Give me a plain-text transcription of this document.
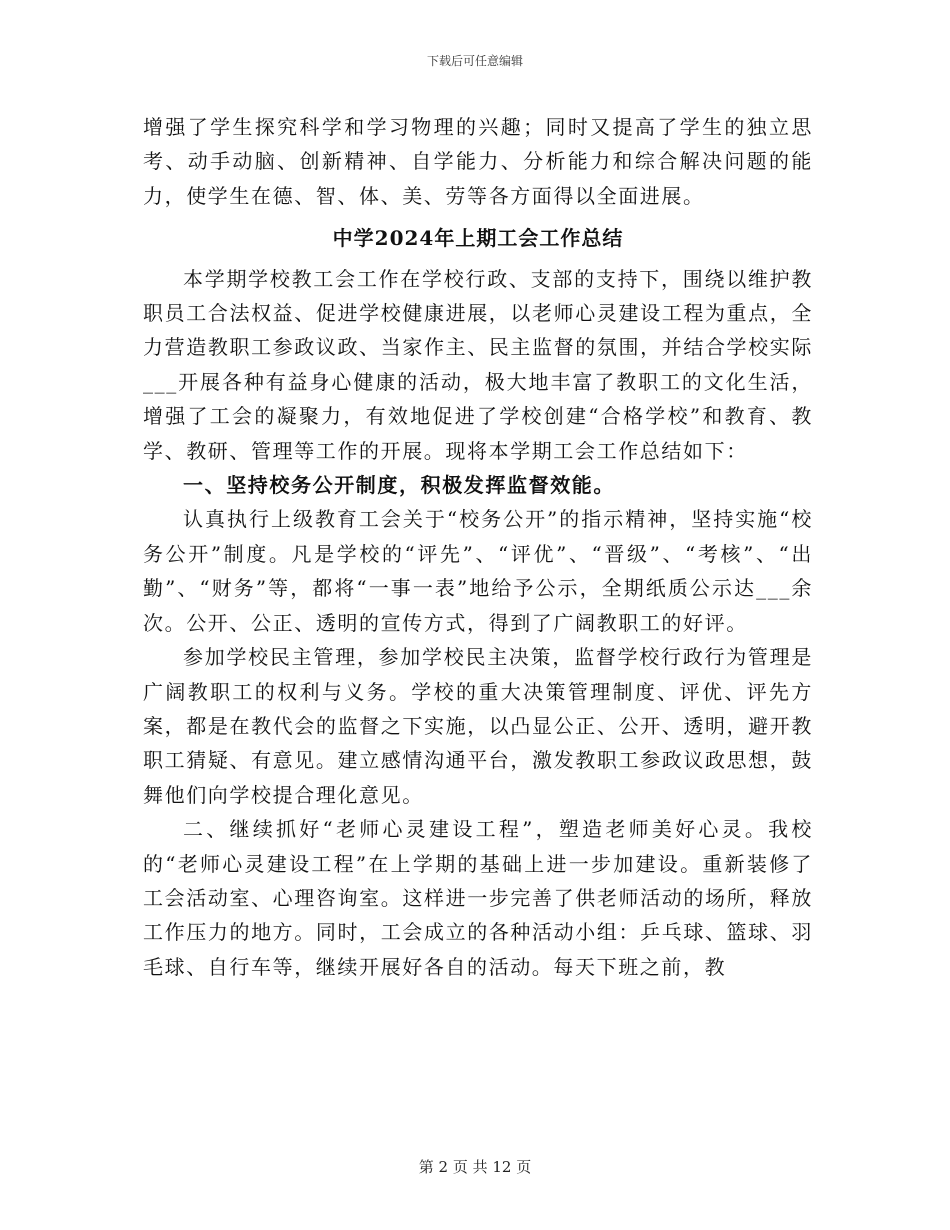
下载后可任意编辑

增强了学生探究科学和学习物理的兴趣；同时又提高了学生的独立思考、动手动脑、创新精神、自学能力、分析能力和综合解决问题的能力，使学生在德、智、体、美、劳等各方面得以全面进展。

中学2024年上期工会工作总结

本学期学校教工会工作在学校行政、支部的支持下，围绕以维护教职员工合法权益、促进学校健康进展，以老师心灵建设工程为重点，全力营造教职工参政议政、当家作主、民主监督的氛围，并结合学校实际___开展各种有益身心健康的活动，极大地丰富了教职工的文化生活，增强了工会的凝聚力，有效地促进了学校创建“合格学校”和教育、教学、教研、管理等工作的开展。现将本学期工会工作总结如下：

一、坚持校务公开制度，积极发挥监督效能。

认真执行上级教育工会关于“校务公开”的指示精神，坚持实施“校务公开”制度。凡是学校的“评先”、“评优”、“晋级”、“考核”、“出勤”、“财务”等，都将“一事一表”地给予公示，全期纸质公示达___余次。公开、公正、透明的宣传方式，得到了广阔教职工的好评。

参加学校民主管理，参加学校民主决策，监督学校行政行为管理是广阔教职工的权利与义务。学校的重大决策管理制度、评优、评先方案，都是在教代会的监督之下实施，以凸显公正、公开、透明，避开教职工猜疑、有意见。建立感情沟通平台，激发教职工参政议政思想，鼓舞他们向学校提合理化意见。

二、继续抓好“老师心灵建设工程”，塑造老师美好心灵。我校的“老师心灵建设工程”在上学期的基础上进一步加建设。重新装修了工会活动室、心理咨询室。这样进一步完善了供老师活动的场所，释放工作压力的地方。同时，工会成立的各种活动小组：乒乓球、篮球、羽毛球、自行车等，继续开展好各自的活动。每天下班之前，教

第 2 页 共 12 页
